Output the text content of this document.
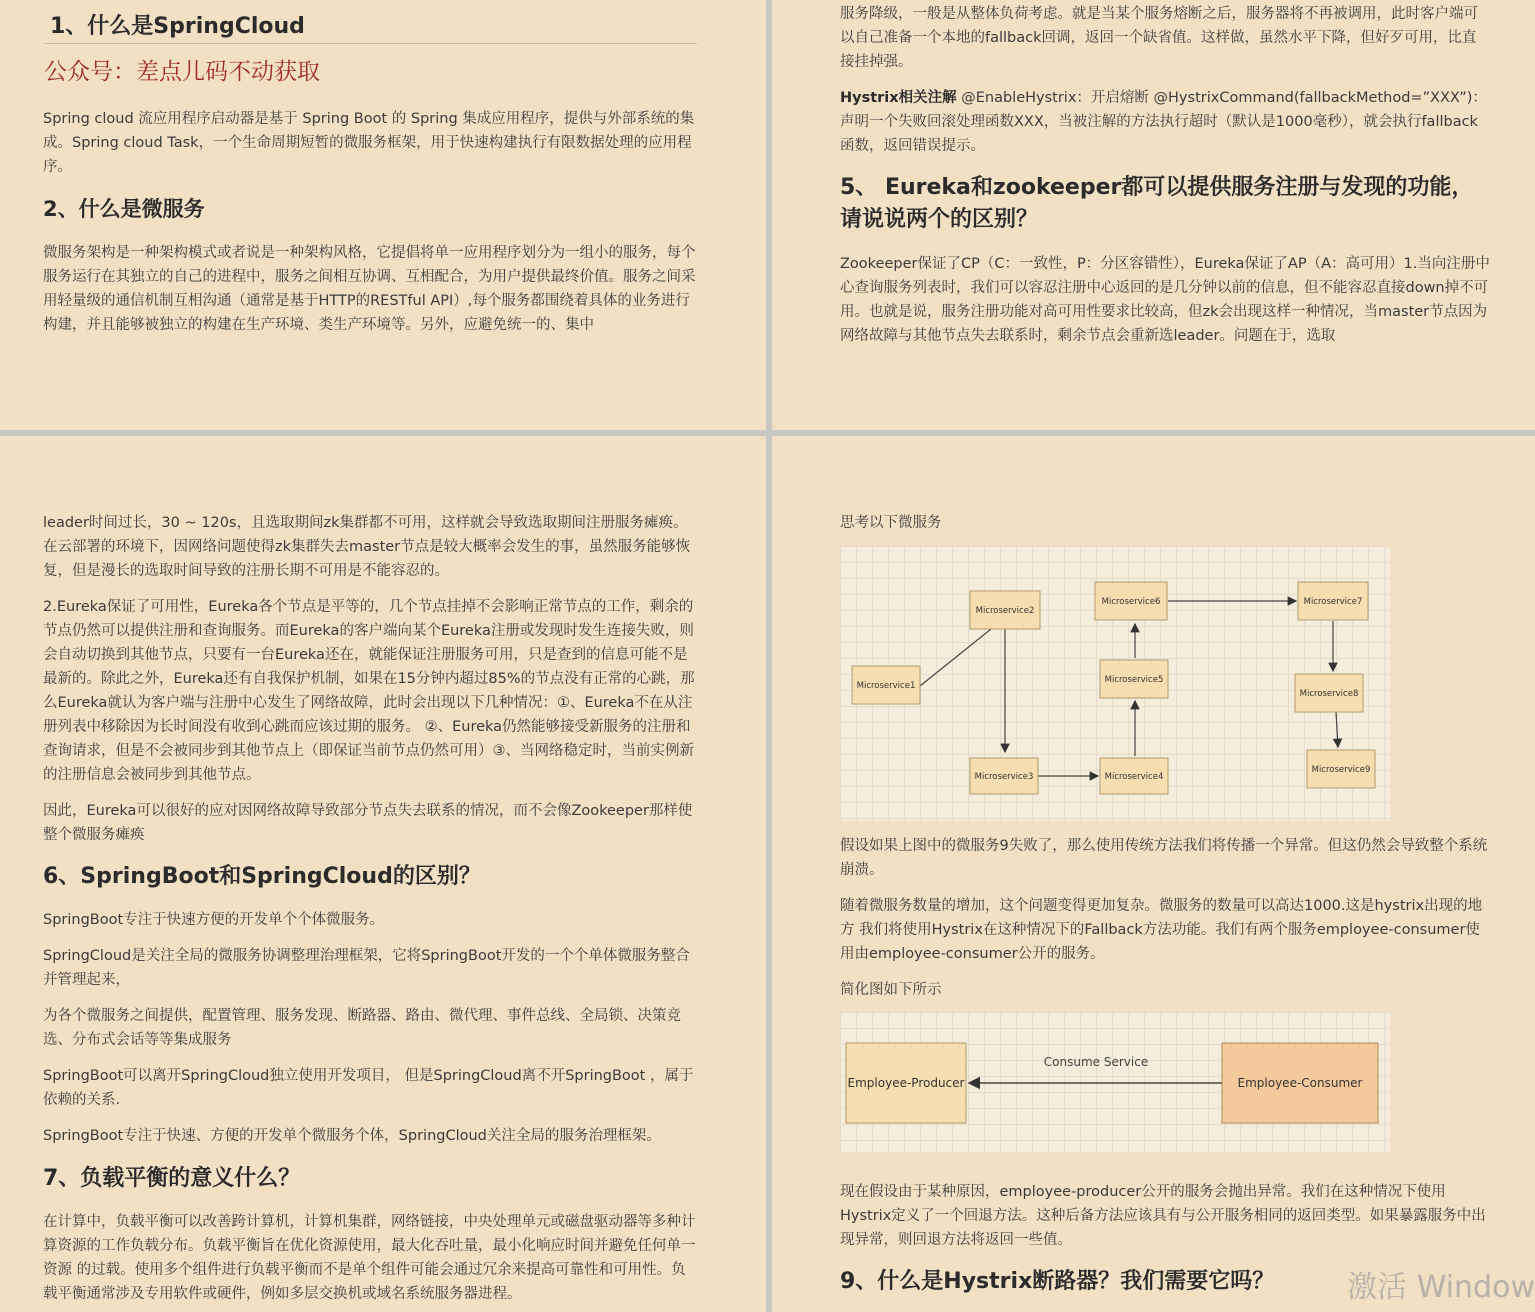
1、什么是SpringCloud
公众号：差点儿码不动获取

Spring cloud 流应用程序启动器是基于 Spring Boot 的 Spring 集成应用程序，提供与外部系统的集成。Spring cloud Task，一个生命周期短暂的微服务框架，用于快速构建执行有限数据处理的应用程序。

2、什么是微服务

微服务架构是一种架构模式或者说是一种架构风格，它提倡将单一应用程序划分为一组小的服务，每个服务运行在其独立的自己的进程中，服务之间相互协调、互相配合，为用户提供最终价值。服务之间采用轻量级的通信机制互相沟通（通常是基于HTTP的RESTful API）,每个服务都围绕着具体的业务进行构建，并且能够被独立的构建在生产环境、类生产环境等。另外，应避免统一的、集中

服务降级，一般是从整体负荷考虑。就是当某个服务熔断之后，服务器将不再被调用，此时客户端可以自己准备一个本地的fallback回调，返回一个缺省值。这样做，虽然水平下降，但好歹可用，比直接挂掉强。

Hystrix相关注解 @EnableHystrix：开启熔断 @HystrixCommand(fallbackMethod=”XXX”)：声明一个失败回滚处理函数XXX，当被注解的方法执行超时（默认是1000毫秒），就会执行fallback函数，返回错误提示。

5、 Eureka和zookeeper都可以提供服务注册与发现的功能，请说说两个的区别？

Zookeeper保证了CP（C：一致性，P：分区容错性），Eureka保证了AP（A：高可用）1.当向注册中心查询服务列表时，我们可以容忍注册中心返回的是几分钟以前的信息，但不能容忍直接down掉不可用。也就是说，服务注册功能对高可用性要求比较高，但zk会出现这样一种情况，当master节点因为网络故障与其他节点失去联系时，剩余节点会重新选leader。问题在于，选取

leader时间过长，30 ~ 120s，且选取期间zk集群都不可用，这样就会导致选取期间注册服务瘫痪。在云部署的环境下，因网络问题使得zk集群失去master节点是较大概率会发生的事，虽然服务能够恢复，但是漫长的选取时间导致的注册长期不可用是不能容忍的。

2.Eureka保证了可用性，Eureka各个节点是平等的，几个节点挂掉不会影响正常节点的工作，剩余的节点仍然可以提供注册和查询服务。而Eureka的客户端向某个Eureka注册或发现时发生连接失败，则会自动切换到其他节点，只要有一台Eureka还在，就能保证注册服务可用，只是查到的信息可能不是最新的。除此之外，Eureka还有自我保护机制，如果在15分钟内超过85%的节点没有正常的心跳，那么Eureka就认为客户端与注册中心发生了网络故障，此时会出现以下几种情况：①、Eureka不在从注册列表中移除因为长时间没有收到心跳而应该过期的服务。 ②、Eureka仍然能够接受新服务的注册和查询请求，但是不会被同步到其他节点上（即保证当前节点仍然可用）③、当网络稳定时，当前实例新的注册信息会被同步到其他节点。

因此，Eureka可以很好的应对因网络故障导致部分节点失去联系的情况，而不会像Zookeeper那样使整个微服务瘫痪

6、SpringBoot和SpringCloud的区别？

SpringBoot专注于快速方便的开发单个个体微服务。

SpringCloud是关注全局的微服务协调整理治理框架，它将SpringBoot开发的一个个单体微服务整合并管理起来，

为各个微服务之间提供，配置管理、服务发现、断路器、路由、微代理、事件总线、全局锁、决策竞选、分布式会话等等集成服务

SpringBoot可以离开SpringCloud独立使用开发项目， 但是SpringCloud离不开SpringBoot ，属于依赖的关系.

SpringBoot专注于快速、方便的开发单个微服务个体，SpringCloud关注全局的服务治理框架。

7、负载平衡的意义什么？

在计算中，负载平衡可以改善跨计算机，计算机集群，网络链接，中央处理单元或磁盘驱动器等多种计算资源的工作负载分布。负载平衡旨在优化资源使用，最大化吞吐量，最小化响应时间并避免任何单一资源 的过载。使用多个组件进行负载平衡而不是单个组件可能会通过冗余来提高可靠性和可用性。负载平衡通常涉及专用软件或硬件，例如多层交换机或域名系统服务器进程。

思考以下微服务

Microservice1
Microservice2
Microservice3	Microservice4
Microservice5
Microservice6	Microservice7
Microservice8
Microservice9

假设如果上图中的微服务9失败了，那么使用传统方法我们将传播一个异常。但这仍然会导致整个系统崩溃。

随着微服务数量的增加，这个问题变得更加复杂。微服务的数量可以高达1000.这是hystrix出现的地方 我们将使用Hystrix在这种情况下的Fallback方法功能。我们有两个服务employee-consumer使用由employee-consumer公开的服务。

简化图如下所示

Employee-Producer	Employee-Consumer
Consume Service

现在假设由于某种原因，employee-producer公开的服务会抛出异常。我们在这种情况下使用Hystrix定义了一个回退方法。这种后备方法应该具有与公开服务相同的返回类型。如果暴露服务中出现异常，则回退方法将返回一些值。

9、什么是Hystrix断路器？我们需要它吗？ 激活 Window
